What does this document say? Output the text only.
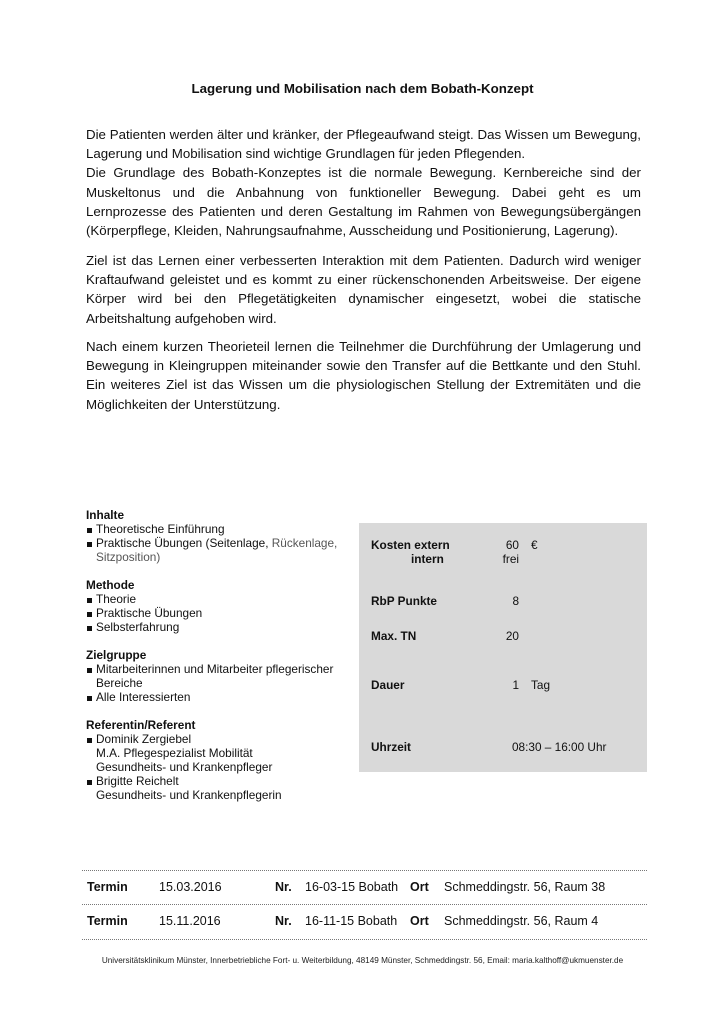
Lagerung und Mobilisation nach dem Bobath-Konzept

Die Patienten werden älter und kränker, der Pflegeaufwand steigt. Das Wissen um Bewegung, Lagerung und Mobilisation sind wichtige Grundlagen für jeden Pflegenden.

Die Grundlage des Bobath-Konzeptes ist die normale Bewegung. Kernbereiche sind der Muskeltonus und die Anbahnung von funktioneller Bewegung. Dabei geht es um Lernprozesse des Patienten und deren Gestaltung im Rahmen von Bewegungsübergängen (Körperpflege, Kleiden, Nahrungsaufnahme, Ausscheidung und Positionierung, Lagerung).

Ziel ist das Lernen einer verbesserten Interaktion mit dem Patienten. Dadurch wird weniger Kraftaufwand geleistet und es kommt zu einer rückenschonenden Arbeitsweise. Der eigene Körper wird bei den Pflegetätigkeiten dynamischer eingesetzt, wobei die statische Arbeitshaltung aufgehoben wird.

Nach einem kurzen Theorieteil lernen die Teilnehmer die Durchführung der Umlagerung und Bewegung in Kleingruppen miteinander sowie den Transfer auf die Bettkante und den Stuhl. Ein weiteres Ziel ist das Wissen um die physiologischen Stellung der Extremitäten und die Möglichkeiten der Unterstützung.

Inhalte
Theoretische Einführung
Praktische Übungen (Seitenlage, Rückenlage,
Sitzposition)
Methode
Theorie
Praktische Übungen
Selbsterfahrung
Zielgruppe
Mitarbeiterinnen und Mitarbeiter pflegerischer Bereiche
Alle Interessierten
Referentin/Referent
Dominik Zergiebel
M.A. Pflegespezialist Mobilität
Gesundheits- und Krankenpfleger
Brigitte Reichelt
Gesundheits- und Krankenpflegerin
Kosten extern	60 €
intern	frei
RbP Punkte	8
Max. TN	20
Dauer	1 Tag
Uhrzeit	08:30 – 16:00 Uhr
Termin	15.03.2016	Nr. 16-03-15 Bobath Ort Schmeddingstr. 56, Raum 38
Termin	15.11.2016	Nr. 16-11-15 Bobath Ort Schmeddingstr. 56, Raum 4
Universitätsklinikum Münster, Innerbetriebliche Fort- u. Weiterbildung, 48149 Münster, Schmeddingstr. 56, Email: maria.kalthoff@ukmuenster.de
